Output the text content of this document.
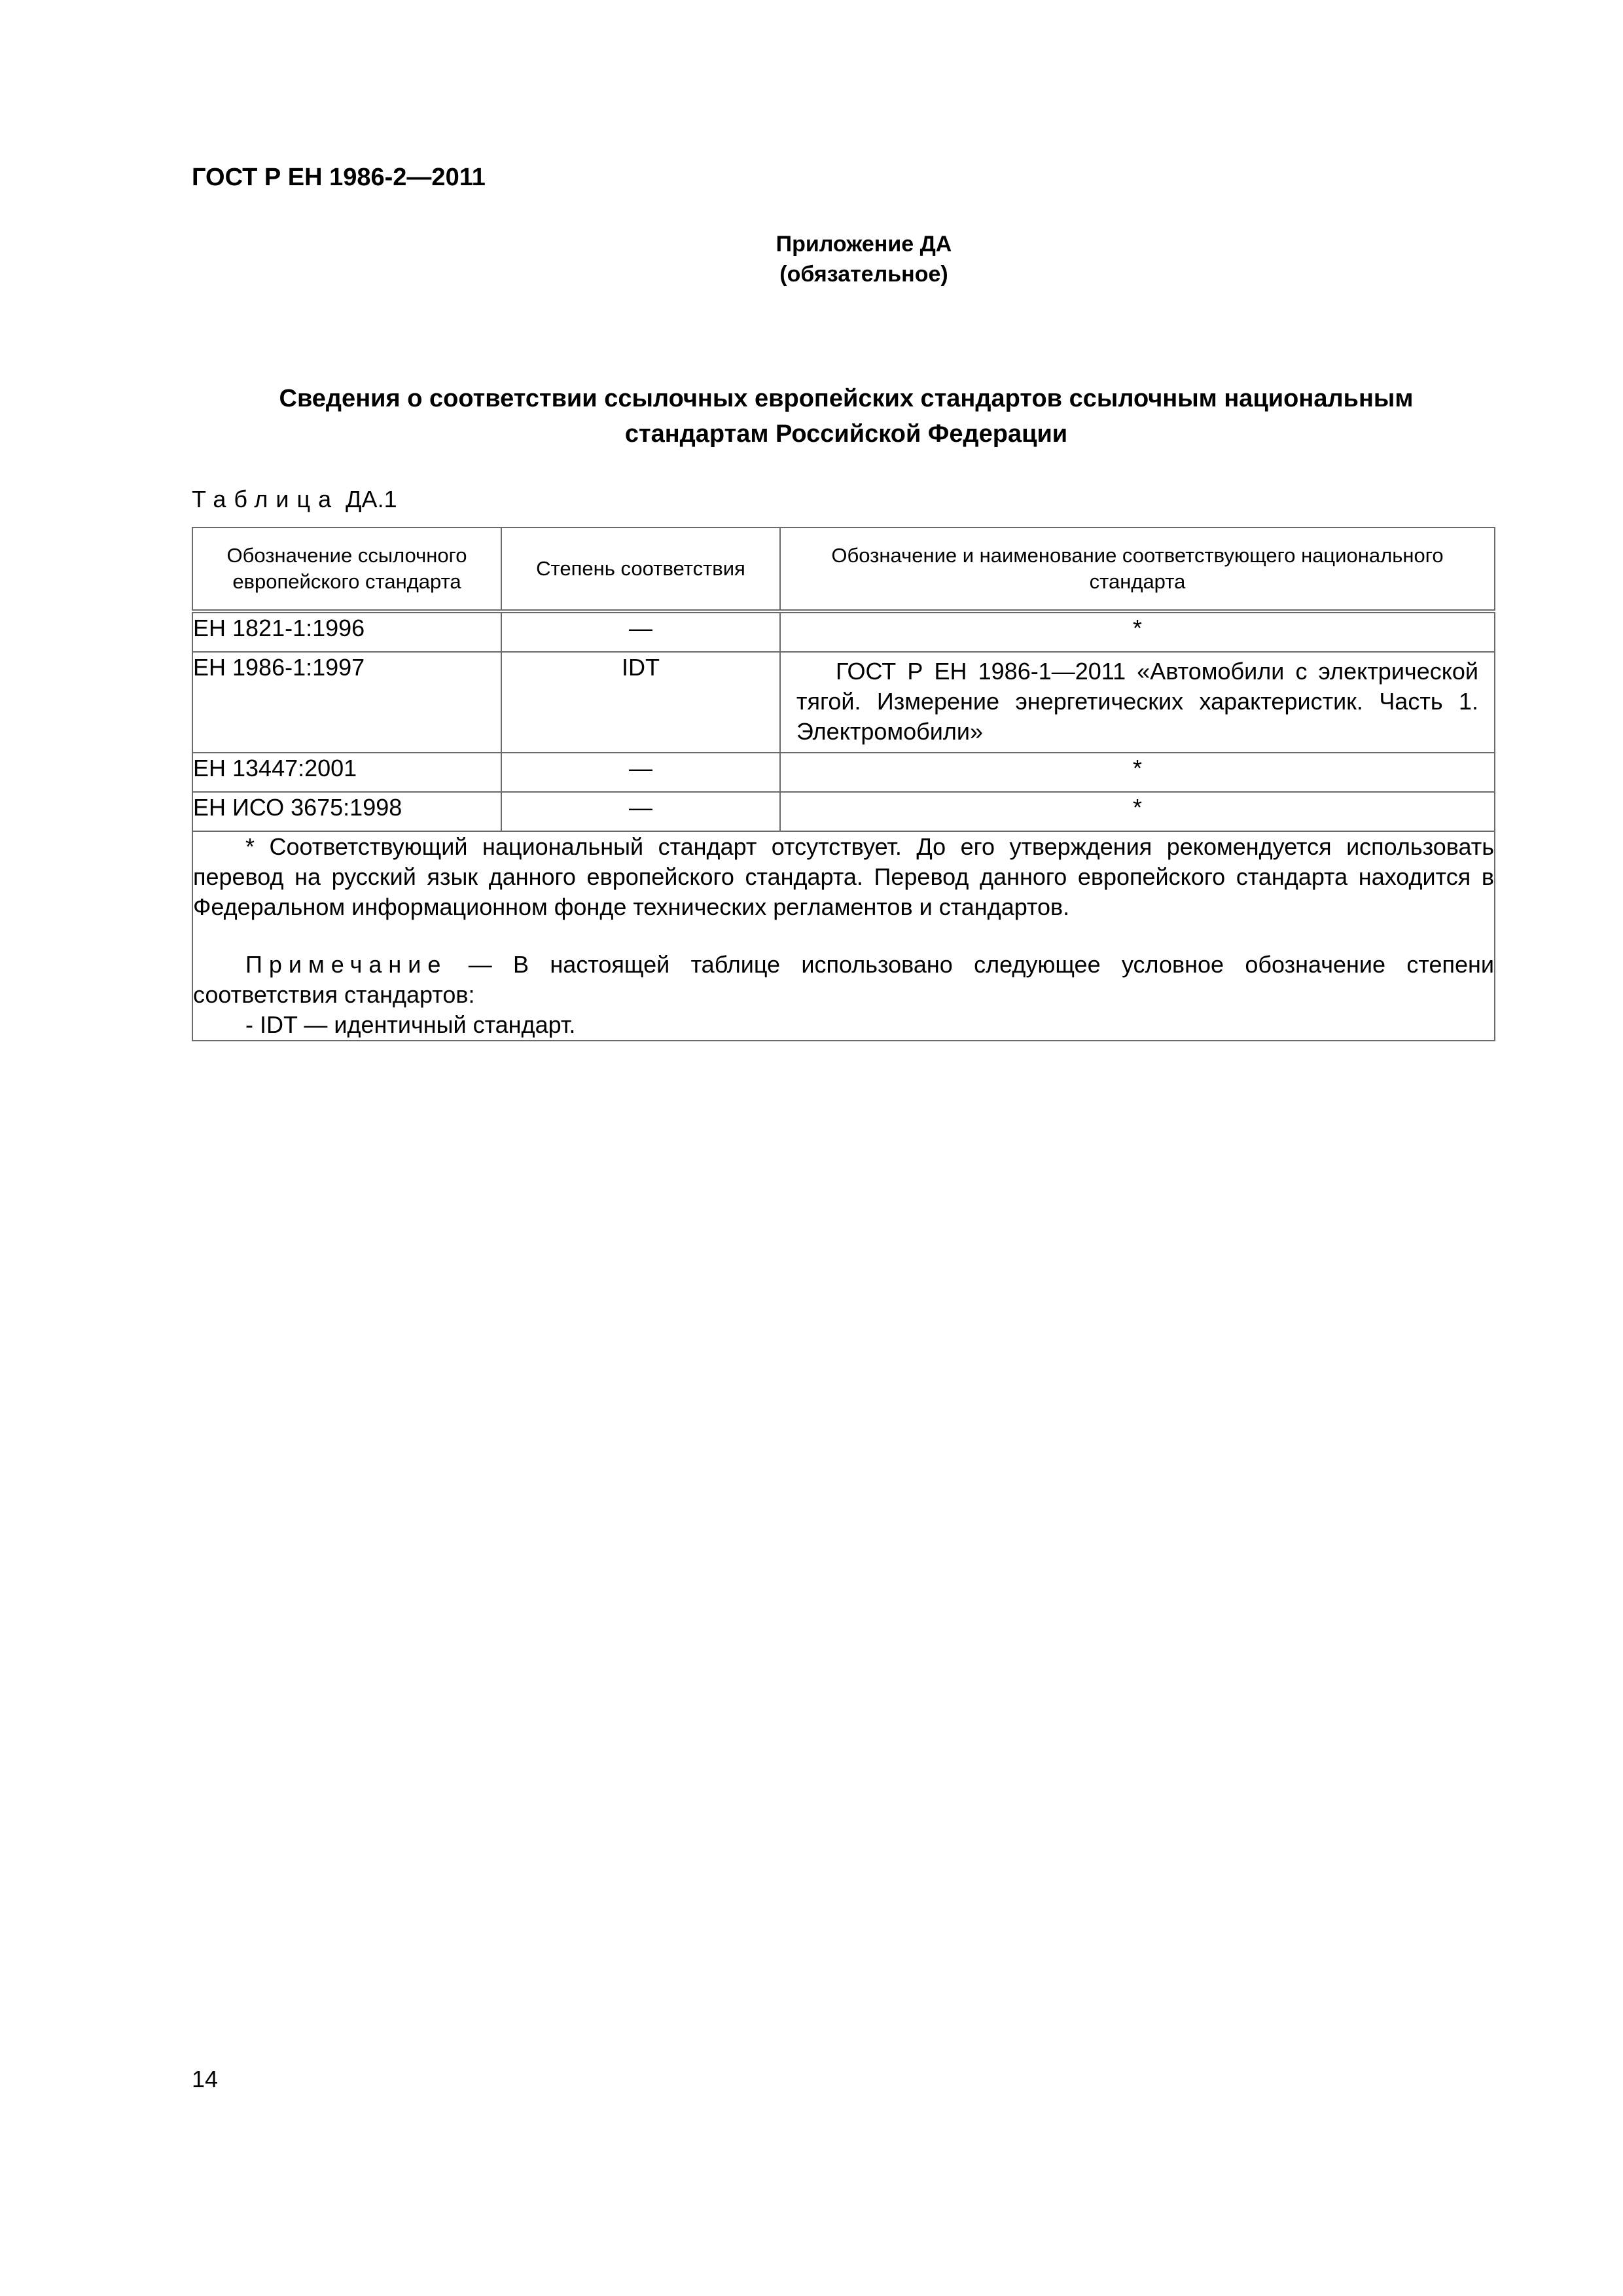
ГОСТ Р ЕН 1986-2—2011
Приложение ДА
(обязательное)
Сведения о соответствии ссылочных европейских стандартов ссылочным национальным
стандартам Российской Федерации
Таблица ДА.1
Обозначение ссылочного европейского стандарта	Степень соответствия	Обозначение и наименование соответствующего национального стандарта
ЕН 1821-1:1996	—	*
ЕН 1986-1:1997	IDT	ГОСТ Р ЕН 1986-1—2011 «Автомобили с электрической тягой. Измерение энергетических характеристик. Часть 1. Электромобили»
ЕН 13447:2001	—	*
ЕН ИСО 3675:1998	—	*

* Соответствующий национальный стандарт отсутствует. До его утверждения рекомендуется использовать перевод на русский язык данного европейского стандарта. Перевод данного европейского стандарта находится в Федеральном информационном фонде технических регламентов и стандартов.

Примечание — В настоящей таблице использовано следующее условное обозначение степени соответствия стандартов:

- IDT — идентичный стандарт.		

14
